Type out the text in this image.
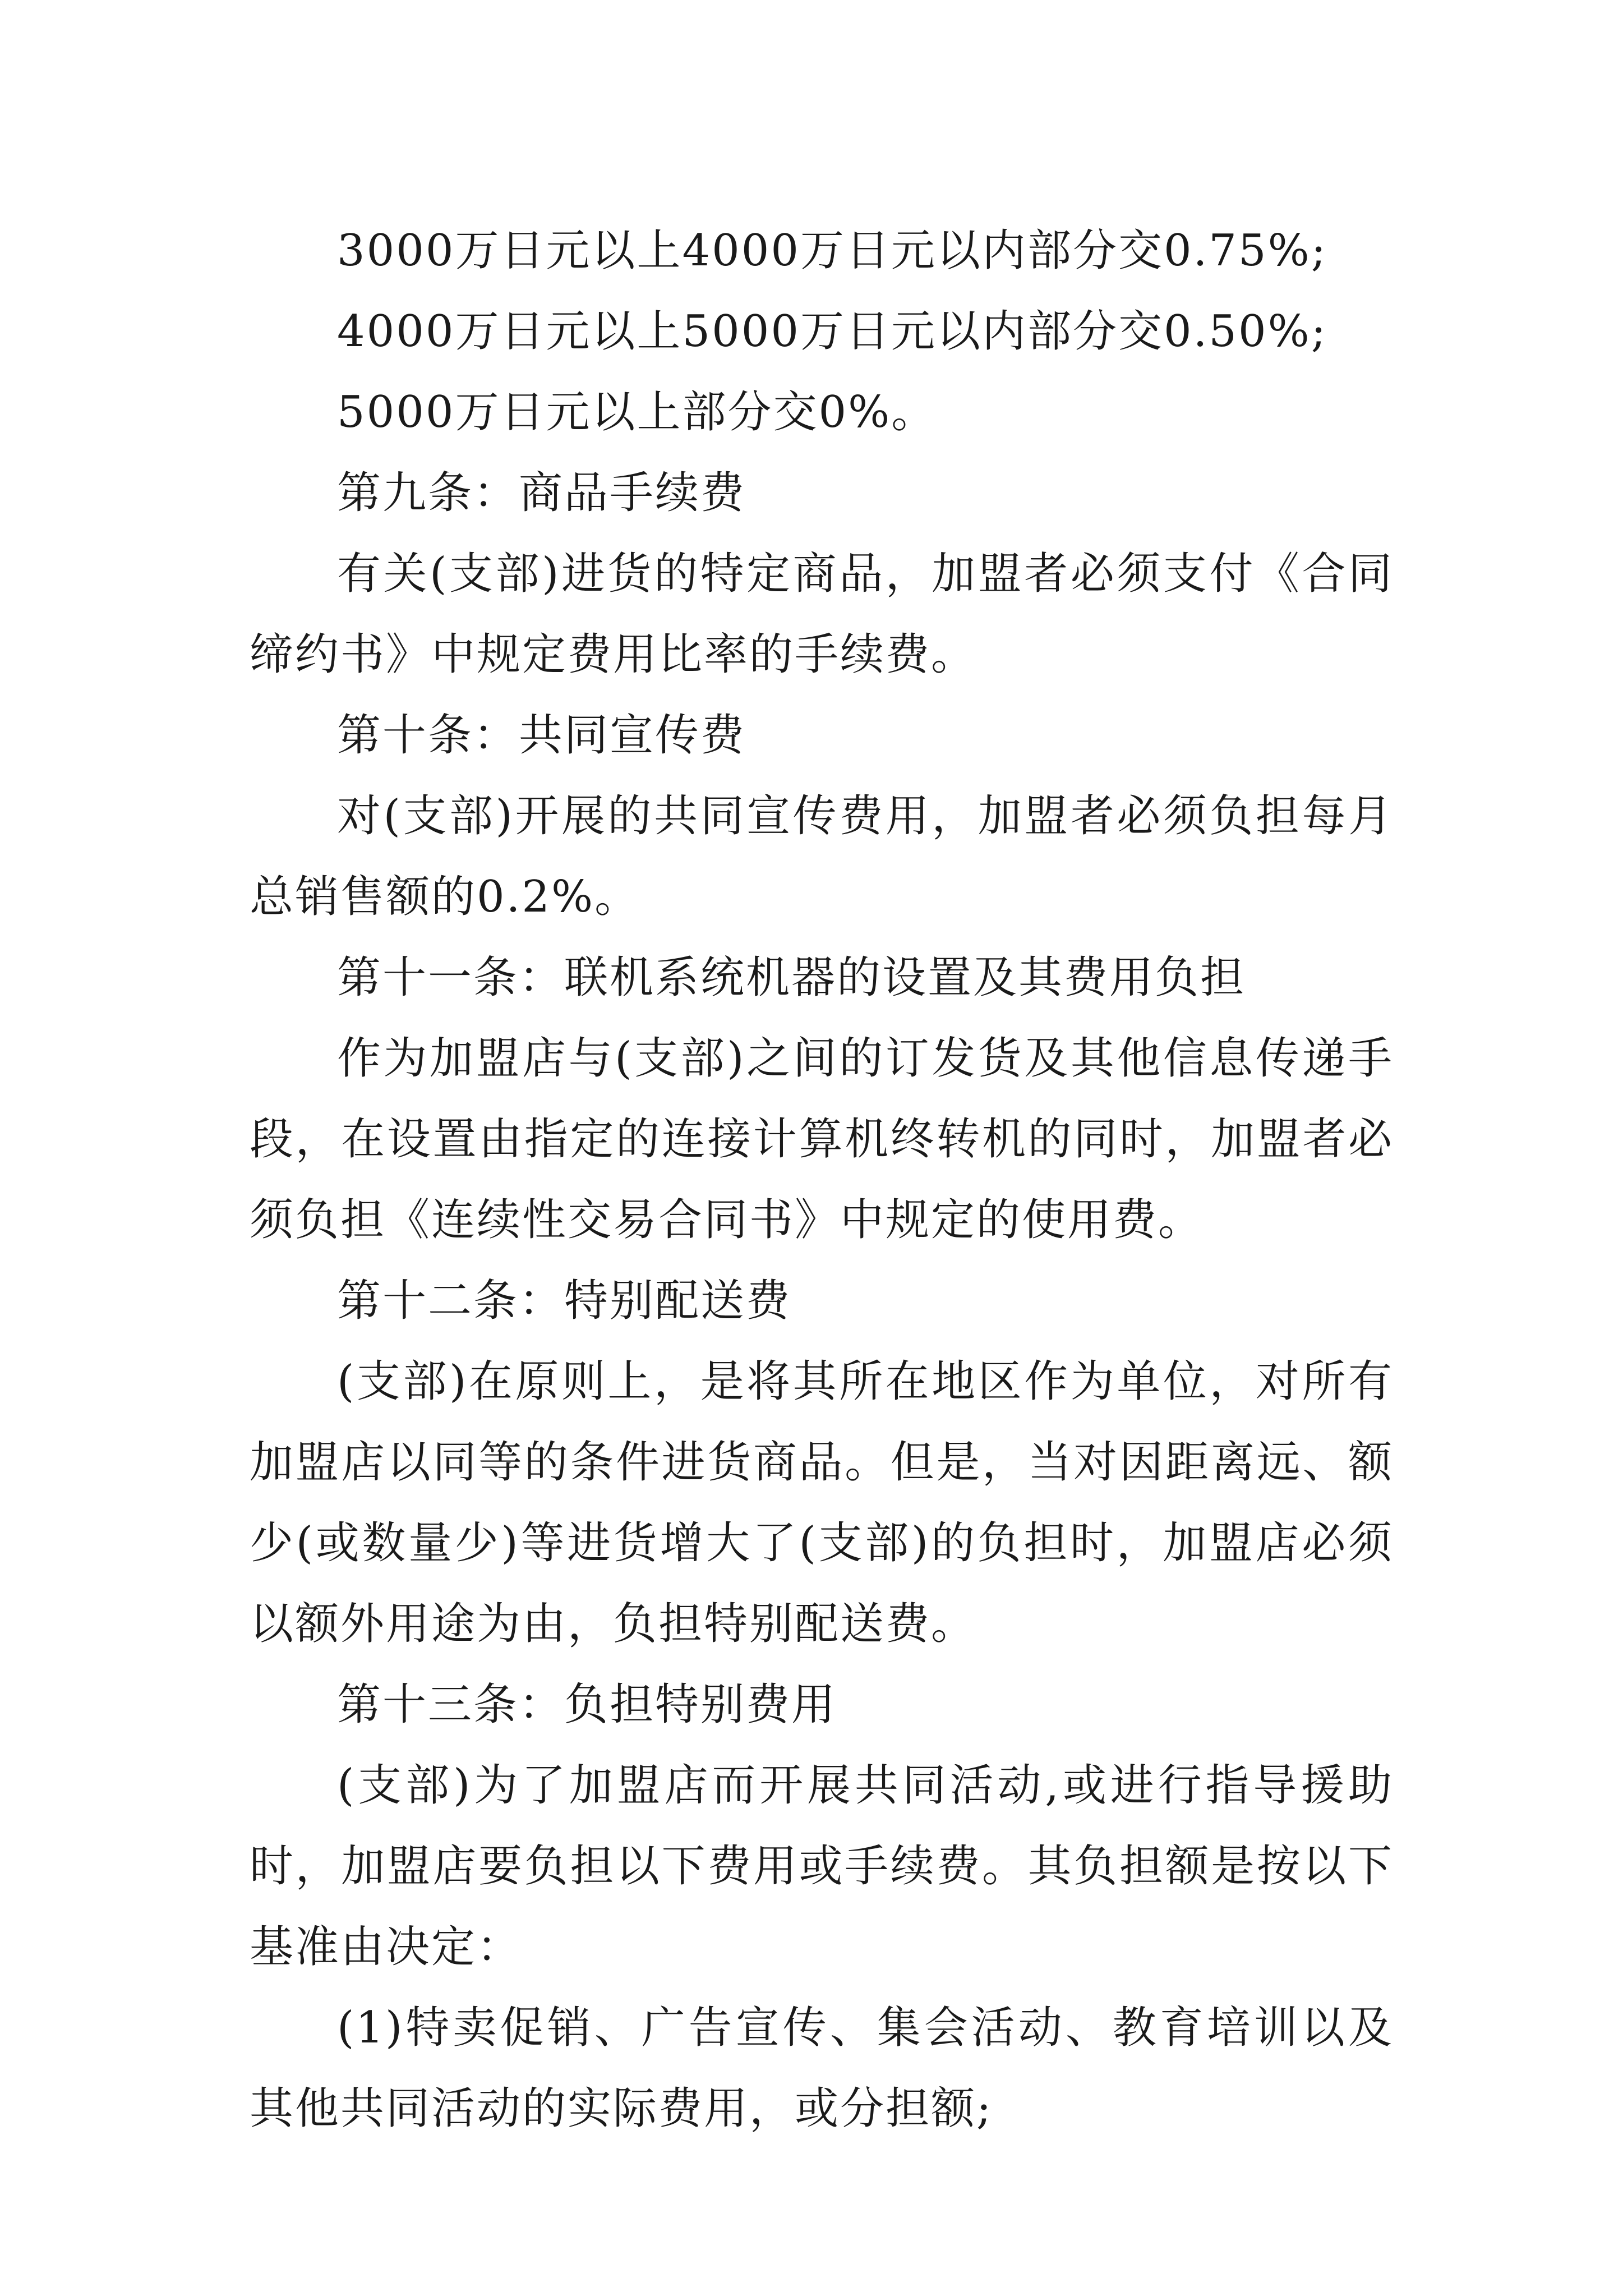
3000万日元以上4000万日元以内部分交0.75%;

4000万日元以上5000万日元以内部分交0.50%;

5000万日元以上部分交0%。

第九条：商品手续费

有关(支部)进货的特定商品，加盟者必须支付《合同缔约书》中规定费用比率的手续费。

第十条：共同宣传费

对(支部)开展的共同宣传费用，加盟者必须负担每月总销售额的0.2%。

第十一条：联机系统机器的设置及其费用负担

作为加盟店与(支部)之间的订发货及其他信息传递手段，在设置由指定的连接计算机终转机的同时，加盟者必须负担《连续性交易合同书》中规定的使用费。

第十二条：特别配送费

(支部)在原则上，是将其所在地区作为单位，对所有加盟店以同等的条件进货商品。但是，当对因距离远、额少(或数量少)等进货增大了(支部)的负担时，加盟店必须以额外用途为由，负担特别配送费。

第十三条：负担特别费用

(支部)为了加盟店而开展共同活动,或进行指导援助时，加盟店要负担以下费用或手续费。其负担额是按以下基准由决定：

(1)特卖促销、广告宣传、集会活动、教育培训以及其他共同活动的实际费用，或分担额;
